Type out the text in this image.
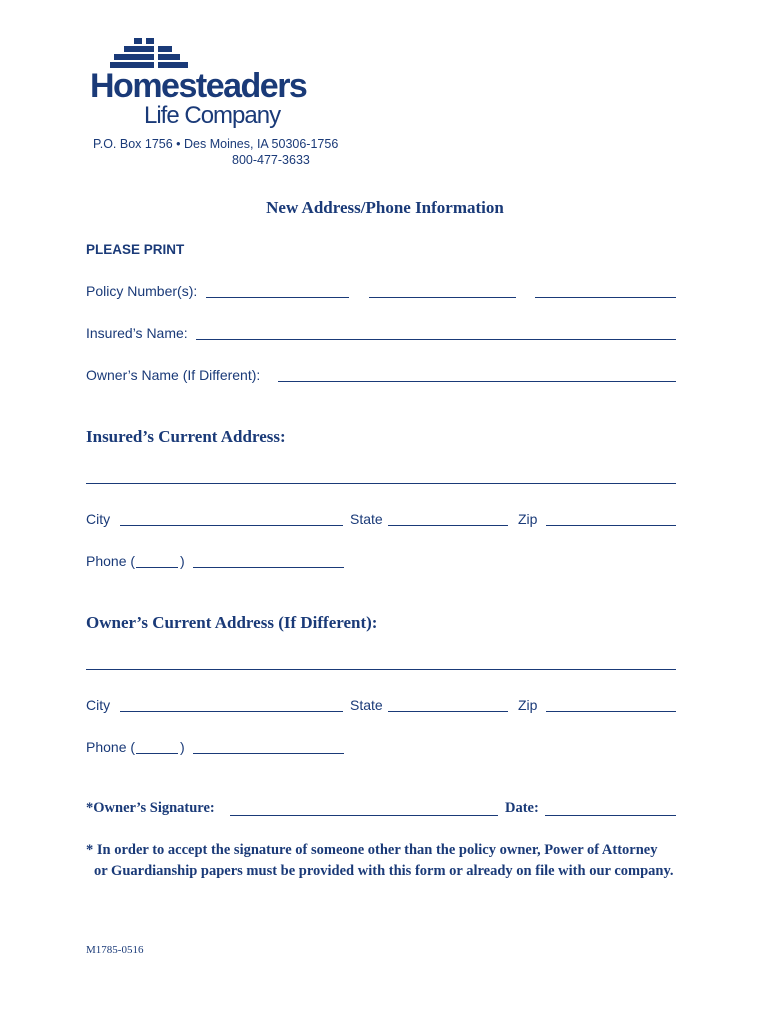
Homesteaders
Life Company
P.O. Box 1756 • Des Moines, IA 50306-1756
800-477-3633
New Address/Phone Information
PLEASE PRINT
Policy Number(s):
Insured’s Name:
Owner’s Name (If Different):
Insured’s Current Address:
City	State	Zip
Phone (	)
Owner’s Current Address (If Different):
City	State	Zip
Phone (	)
*Owner’s Signature:	Date:
* In order to accept the signature of someone other than the policy owner, Power of Attorney
or Guardianship papers must be provided with this form or already on file with our company.
M1785-0516
